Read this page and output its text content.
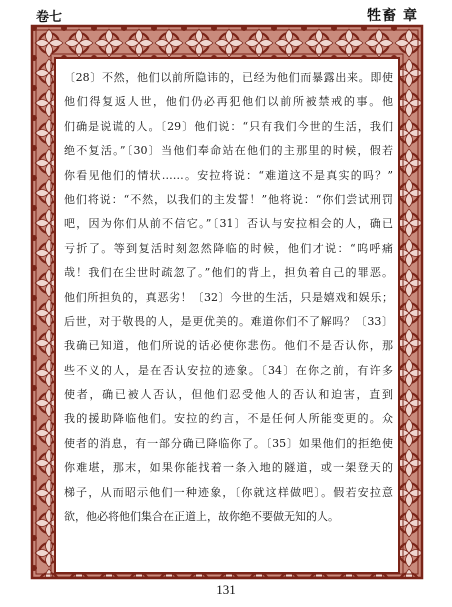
卷七	牲畜 章
〔28〕不然，他们以前所隐讳的，已经为他们而暴露出来。即使
他们得复返人世，他们仍必再犯他们以前所被禁戒的事。他
们确是说谎的人。〔29〕他们说：“只有我们今世的生活，我们
绝不复活。”〔30〕当他们奉命站在他们的主那里的时候，假若
你看见他们的情状……。安拉将说：“难道这不是真实的吗？”
他们将说：“不然，以我们的主发誓！”他将说：“你们尝试刑罚
吧，因为你们从前不信它。”〔31〕否认与安拉相会的人，确已
亏折了。等到复活时刻忽然降临的时候，他们才说：“呜呼痛
哉！我们在尘世时疏忽了。”他们的背上，担负着自己的罪恶。
他们所担负的，真恶劣！〔32〕今世的生活，只是嬉戏和娱乐；
后世，对于敬畏的人，是更优美的。难道你们不了解吗？〔33〕
我确已知道，他们所说的话必使你悲伤。他们不是否认你，那
些不义的人，是在否认安拉的迹象。〔34〕在你之前，有许多
使者，确已被人否认，但他们忍受他人的否认和迫害，直到
我的援助降临他们。安拉的约言，不是任何人所能变更的。众
使者的消息，有一部分确已降临你了。〔35〕如果他们的拒绝使
你难堪，那末，如果你能找着一条入地的隧道，或一架登天的
梯子，从而昭示他们一种迹象，〔你就这样做吧〕。假若安拉意
欲，他必将他们集合在正道上，故你绝不要做无知的人。
131
